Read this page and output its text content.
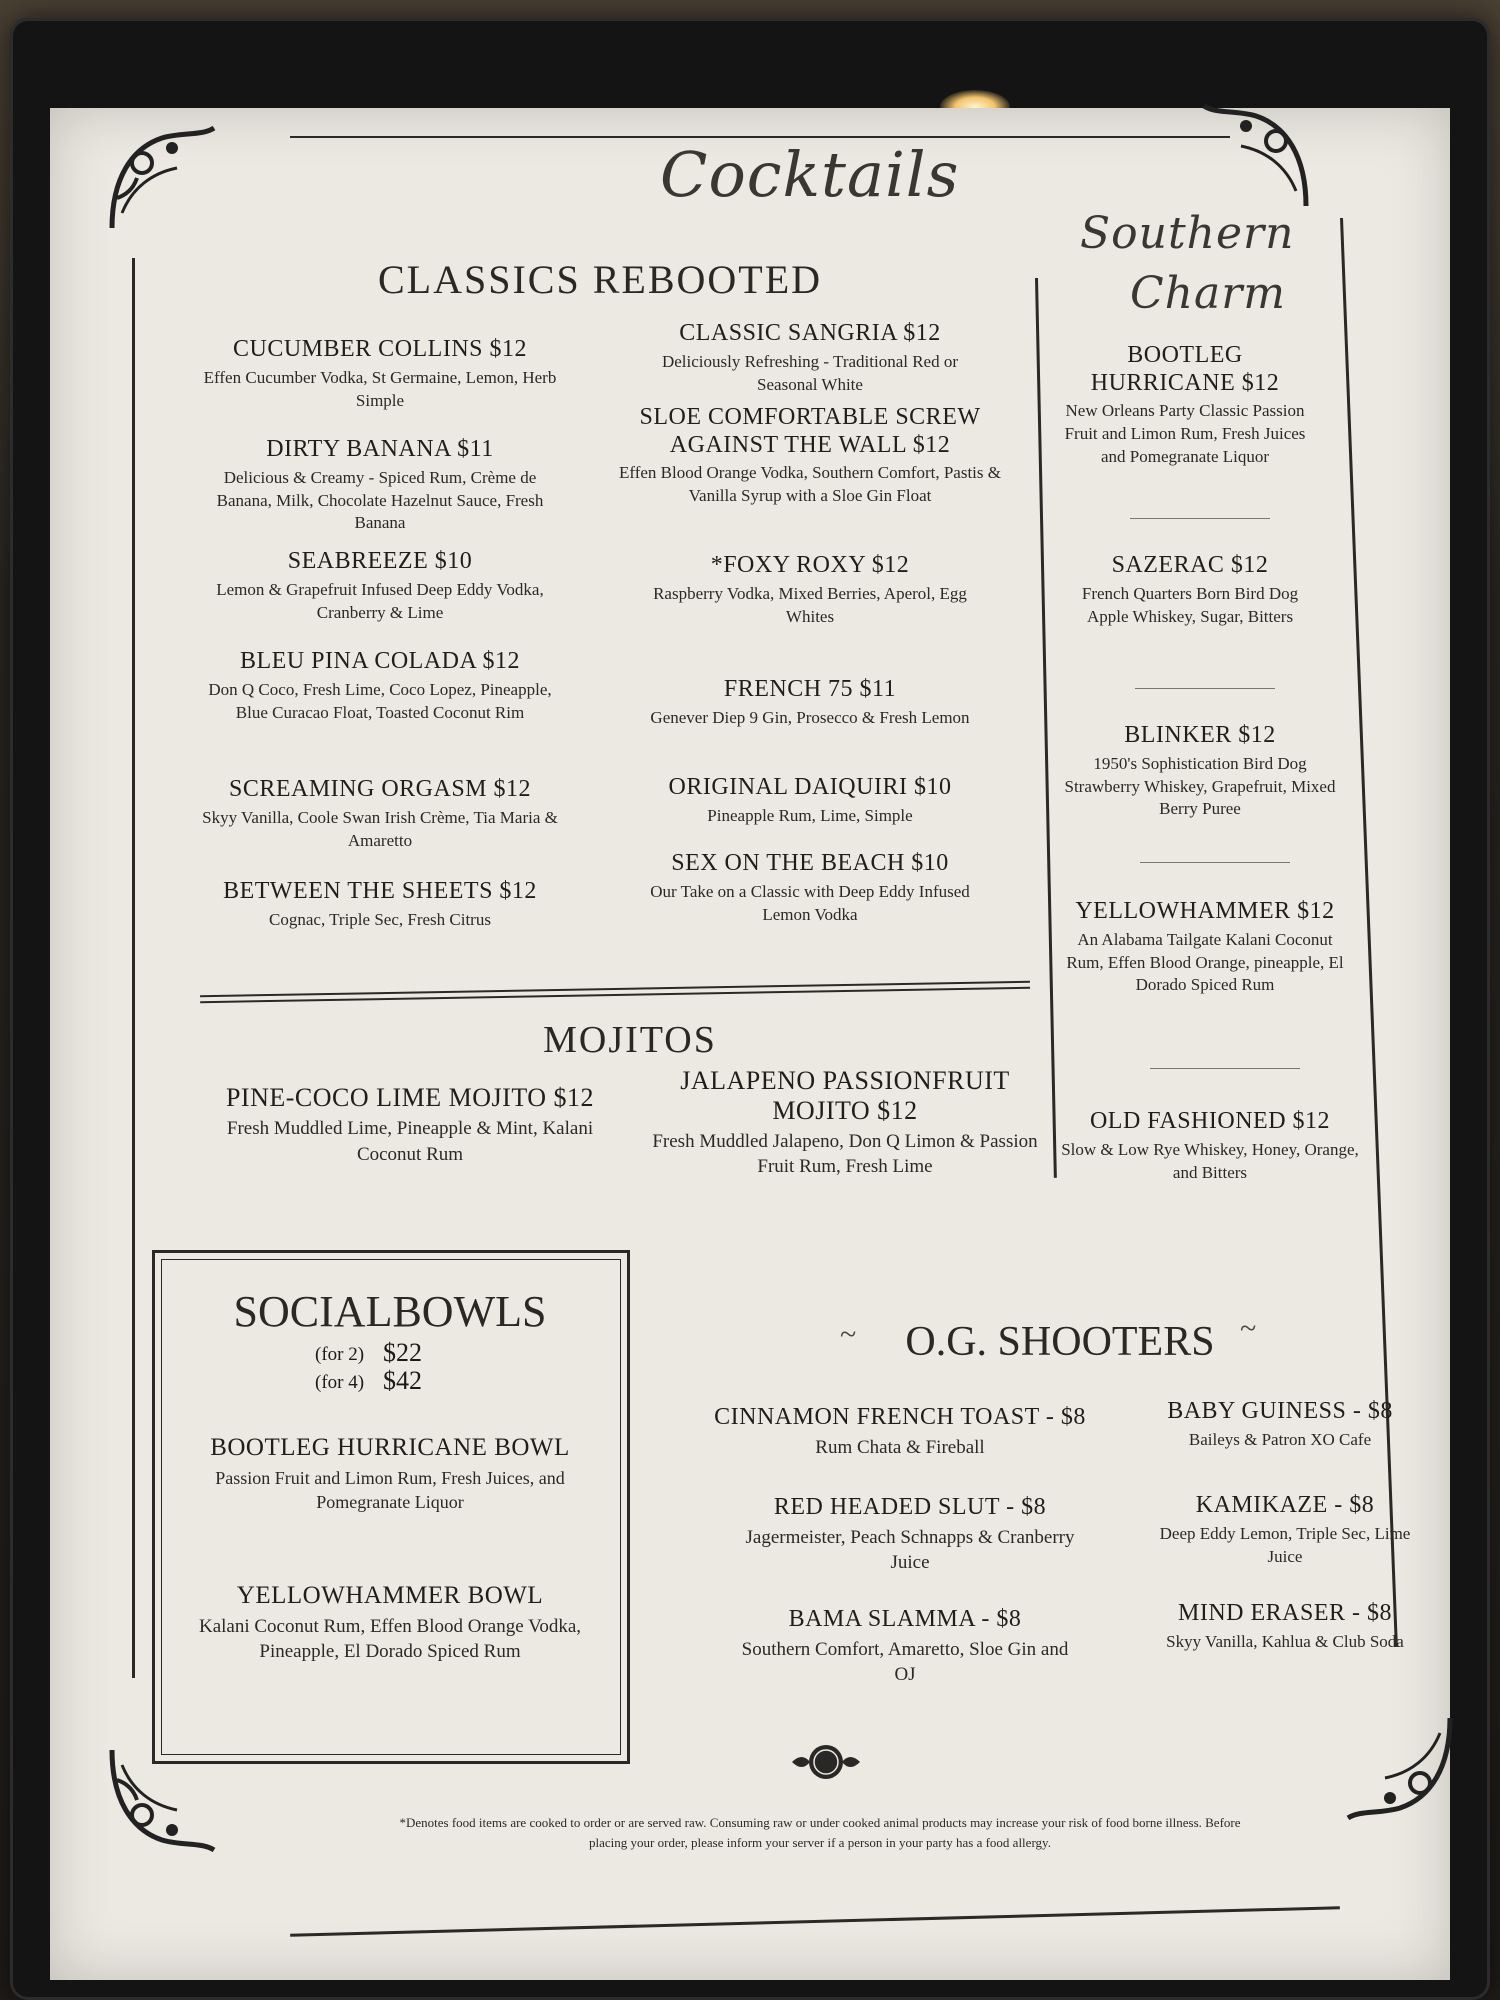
Cocktails
CLASSICS REBOOTED
CUCUMBER COLLINS $12
Effen Cucumber Vodka, St Germaine, Lemon, Herb Simple
DIRTY BANANA $11
Delicious & Creamy - Spiced Rum, Crème de Banana, Milk, Chocolate Hazelnut Sauce, Fresh Banana
SEABREEZE $10
Lemon & Grapefruit Infused Deep Eddy Vodka, Cranberry & Lime
BLEU PINA COLADA $12
Don Q Coco, Fresh Lime, Coco Lopez, Pineapple, Blue Curacao Float, Toasted Coconut Rim
SCREAMING ORGASM $12
Skyy Vanilla, Coole Swan Irish Crème, Tia Maria & Amaretto
BETWEEN THE SHEETS $12
Cognac, Triple Sec, Fresh Citrus
CLASSIC SANGRIA $12
Deliciously Refreshing - Traditional Red or Seasonal White
SLOE COMFORTABLE SCREW AGAINST THE WALL $12
Effen Blood Orange Vodka, Southern Comfort, Pastis & Vanilla Syrup with a Sloe Gin Float
*FOXY ROXY $12
Raspberry Vodka, Mixed Berries, Aperol, Egg Whites
FRENCH 75 $11
Genever Diep 9 Gin, Prosecco & Fresh Lemon
ORIGINAL DAIQUIRI $10
Pineapple Rum, Lime, Simple
SEX ON THE BEACH $10
Our Take on a Classic with Deep Eddy Infused Lemon Vodka
Southern
Charm
BOOTLEG HURRICANE $12
New Orleans Party Classic Passion Fruit and Limon Rum, Fresh Juices and Pomegranate Liquor
SAZERAC $12
French Quarters Born Bird Dog Apple Whiskey, Sugar, Bitters
BLINKER $12
1950's Sophistication Bird Dog Strawberry Whiskey, Grapefruit, Mixed Berry Puree
YELLOWHAMMER $12
An Alabama Tailgate Kalani Coconut Rum, Effen Blood Orange, pineapple, El Dorado Spiced Rum
OLD FASHIONED $12
Slow & Low Rye Whiskey, Honey, Orange, and Bitters
MOJITOS
PINE-COCO LIME MOJITO $12
Fresh Muddled Lime, Pineapple & Mint, Kalani Coconut Rum
JALAPENO PASSIONFRUIT MOJITO $12
Fresh Muddled Jalapeno, Don Q Limon & Passion Fruit Rum, Fresh Lime
SOCIALBOWLS
(for 2) $22
(for 4) $42
BOOTLEG HURRICANE BOWL
Passion Fruit and Limon Rum, Fresh Juices, and Pomegranate Liquor
YELLOWHAMMER BOWL
Kalani Coconut Rum, Effen Blood Orange Vodka, Pineapple, El Dorado Spiced Rum
~	O.G. SHOOTERS ~
CINNAMON FRENCH TOAST - $8
Rum Chata & Fireball
RED HEADED SLUT - $8
Jagermeister, Peach Schnapps & Cranberry Juice
BAMA SLAMMA - $8
Southern Comfort, Amaretto, Sloe Gin and OJ
BABY GUINESS - $8
Baileys & Patron XO Cafe
KAMIKAZE - $8
Deep Eddy Lemon, Triple Sec, Lime Juice
MIND ERASER - $8
Skyy Vanilla, Kahlua & Club Soda
*Denotes food items are cooked to order or are served raw. Consuming raw or under cooked animal products may increase your risk of food borne illness. Before placing your order, please inform your server if a person in your party has a food allergy.
